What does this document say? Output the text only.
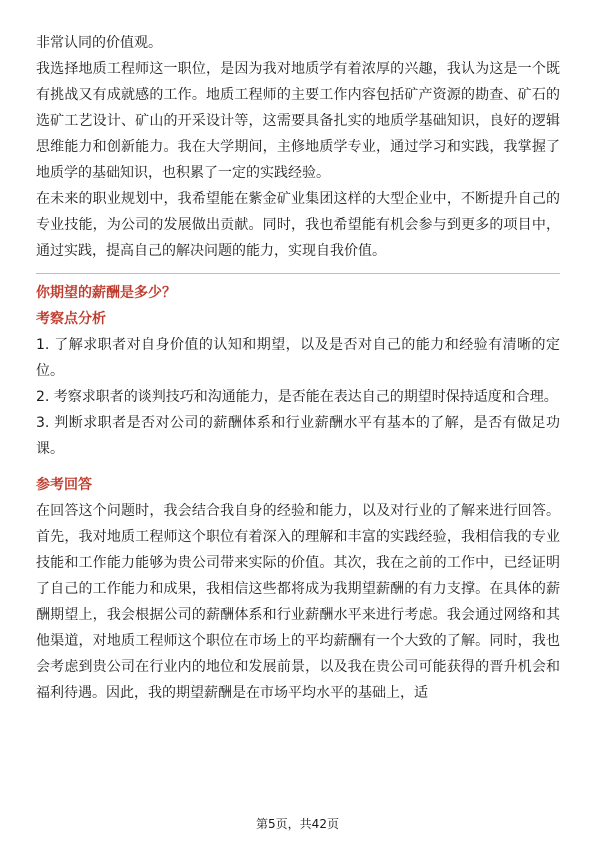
非常认同的价值观。

我选择地质工程师这一职位，是因为我对地质学有着浓厚的兴趣，我认为这是一个既有挑战又有成就感的工作。地质工程师的主要工作内容包括矿产资源的勘查、矿石的选矿工艺设计、矿山的开采设计等，这需要具备扎实的地质学基础知识，良好的逻辑思维能力和创新能力。我在大学期间，主修地质学专业，通过学习和实践，我掌握了地质学的基础知识，也积累了一定的实践经验。

在未来的职业规划中，我希望能在紫金矿业集团这样的大型企业中，不断提升自己的专业技能，为公司的发展做出贡献。同时，我也希望能有机会参与到更多的项目中，通过实践，提高自己的解决问题的能力，实现自我价值。

你期望的薪酬是多少？

考察点分析

1. 了解求职者对自身价值的认知和期望，以及是否对自己的能力和经验有清晰的定位。

2. 考察求职者的谈判技巧和沟通能力，是否能在表达自己的期望时保持适度和合理。

3. 判断求职者是否对公司的薪酬体系和行业薪酬水平有基本的了解，是否有做足功课。

参考回答

在回答这个问题时，我会结合我自身的经验和能力，以及对行业的了解来进行回答。首先，我对地质工程师这个职位有着深入的理解和丰富的实践经验，我相信我的专业技能和工作能力能够为贵公司带来实际的价值。其次，我在之前的工作中，已经证明了自己的工作能力和成果，我相信这些都将成为我期望薪酬的有力支撑。在具体的薪酬期望上，我会根据公司的薪酬体系和行业薪酬水平来进行考虑。我会通过网络和其他渠道，对地质工程师这个职位在市场上的平均薪酬有一个大致的了解。同时，我也会考虑到贵公司在行业内的地位和发展前景，以及我在贵公司可能获得的晋升机会和福利待遇。因此，我的期望薪酬是在市场平均水平的基础上，适

第5页，共42页
